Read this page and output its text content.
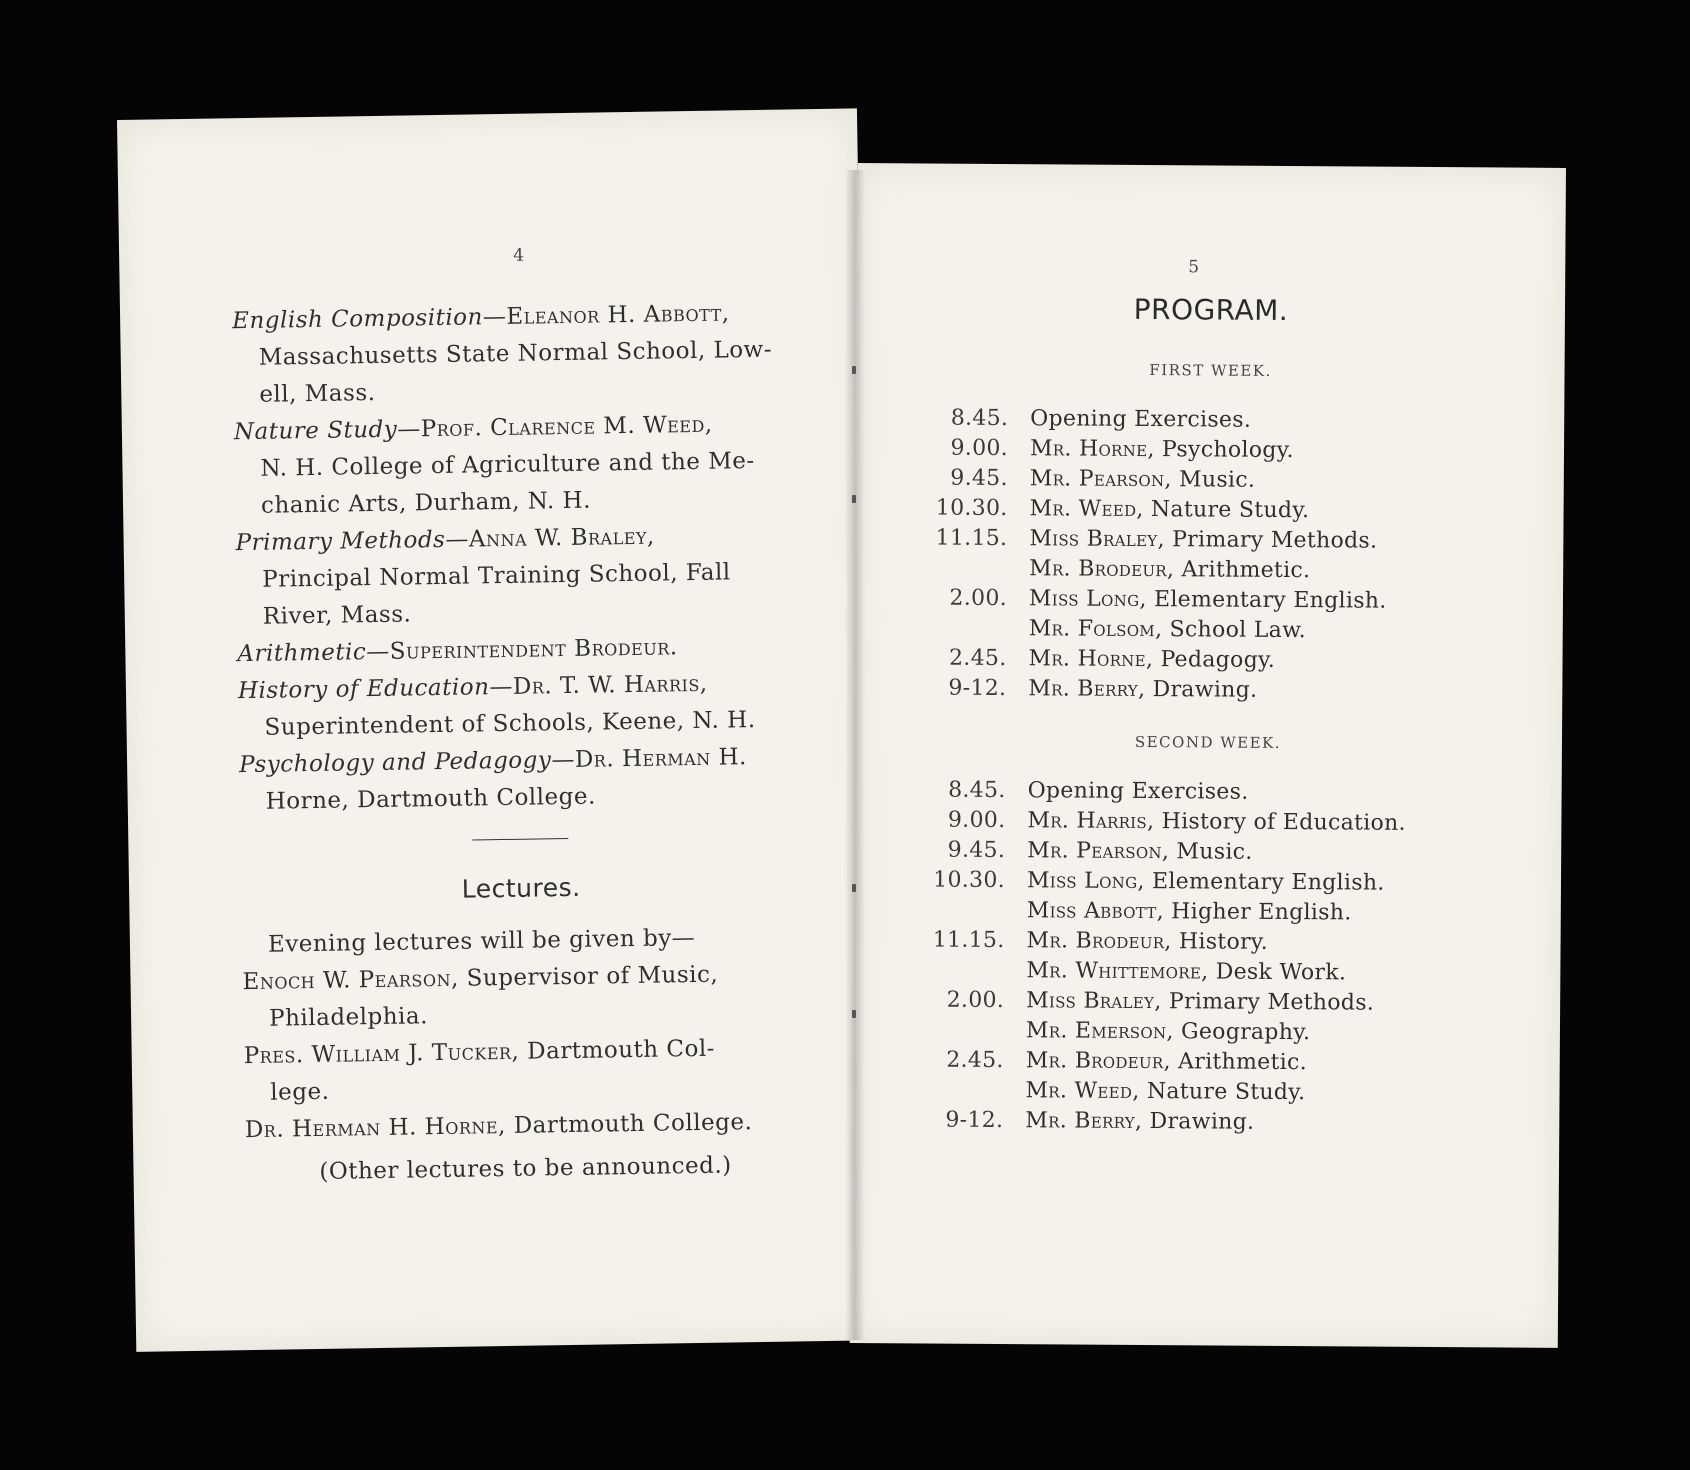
4
English Composition—Eleanor H. Abbott,
Massachusetts State Normal School, Low-
ell, Mass.
Nature Study—Prof. Clarence M. Weed,
N. H. College of Agriculture and the Me-
chanic Arts, Durham, N. H.
Primary Methods—Anna W. Braley,
Principal Normal Training School, Fall
River, Mass.
Arithmetic—Superintendent Brodeur.
History of Education—Dr. T. W. Harris,
Superintendent of Schools, Keene, N. H.
Psychology and Pedagogy—Dr. Herman H.
Horne, Dartmouth College.
Lectures.
Evening lectures will be given by—
Enoch W. Pearson, Supervisor of Music,
Philadelphia.
Pres. William J. Tucker, Dartmouth Col-
lege.
Dr. Herman H. Horne, Dartmouth College.
(Other lectures to be announced.)
5
PROGRAM.
FIRST WEEK.
8.45. Opening Exercises.
9.00. Mr. Horne, Psychology.
9.45. Mr. Pearson, Music.
10.30. Mr. Weed, Nature Study.
11.15. Miss Braley, Primary Methods.
Mr. Brodeur, Arithmetic.
2.00. Miss Long, Elementary English.
Mr. Folsom, School Law.
2.45. Mr. Horne, Pedagogy.
9-12. Mr. Berry, Drawing.
SECOND WEEK.
8.45. Opening Exercises.
9.00. Mr. Harris, History of Education.
9.45. Mr. Pearson, Music.
10.30. Miss Long, Elementary English.
Miss Abbott, Higher English.
11.15. Mr. Brodeur, History.
Mr. Whittemore, Desk Work.
2.00. Miss Braley, Primary Methods.
Mr. Emerson, Geography.
2.45. Mr. Brodeur, Arithmetic.
Mr. Weed, Nature Study.
9-12. Mr. Berry, Drawing.
